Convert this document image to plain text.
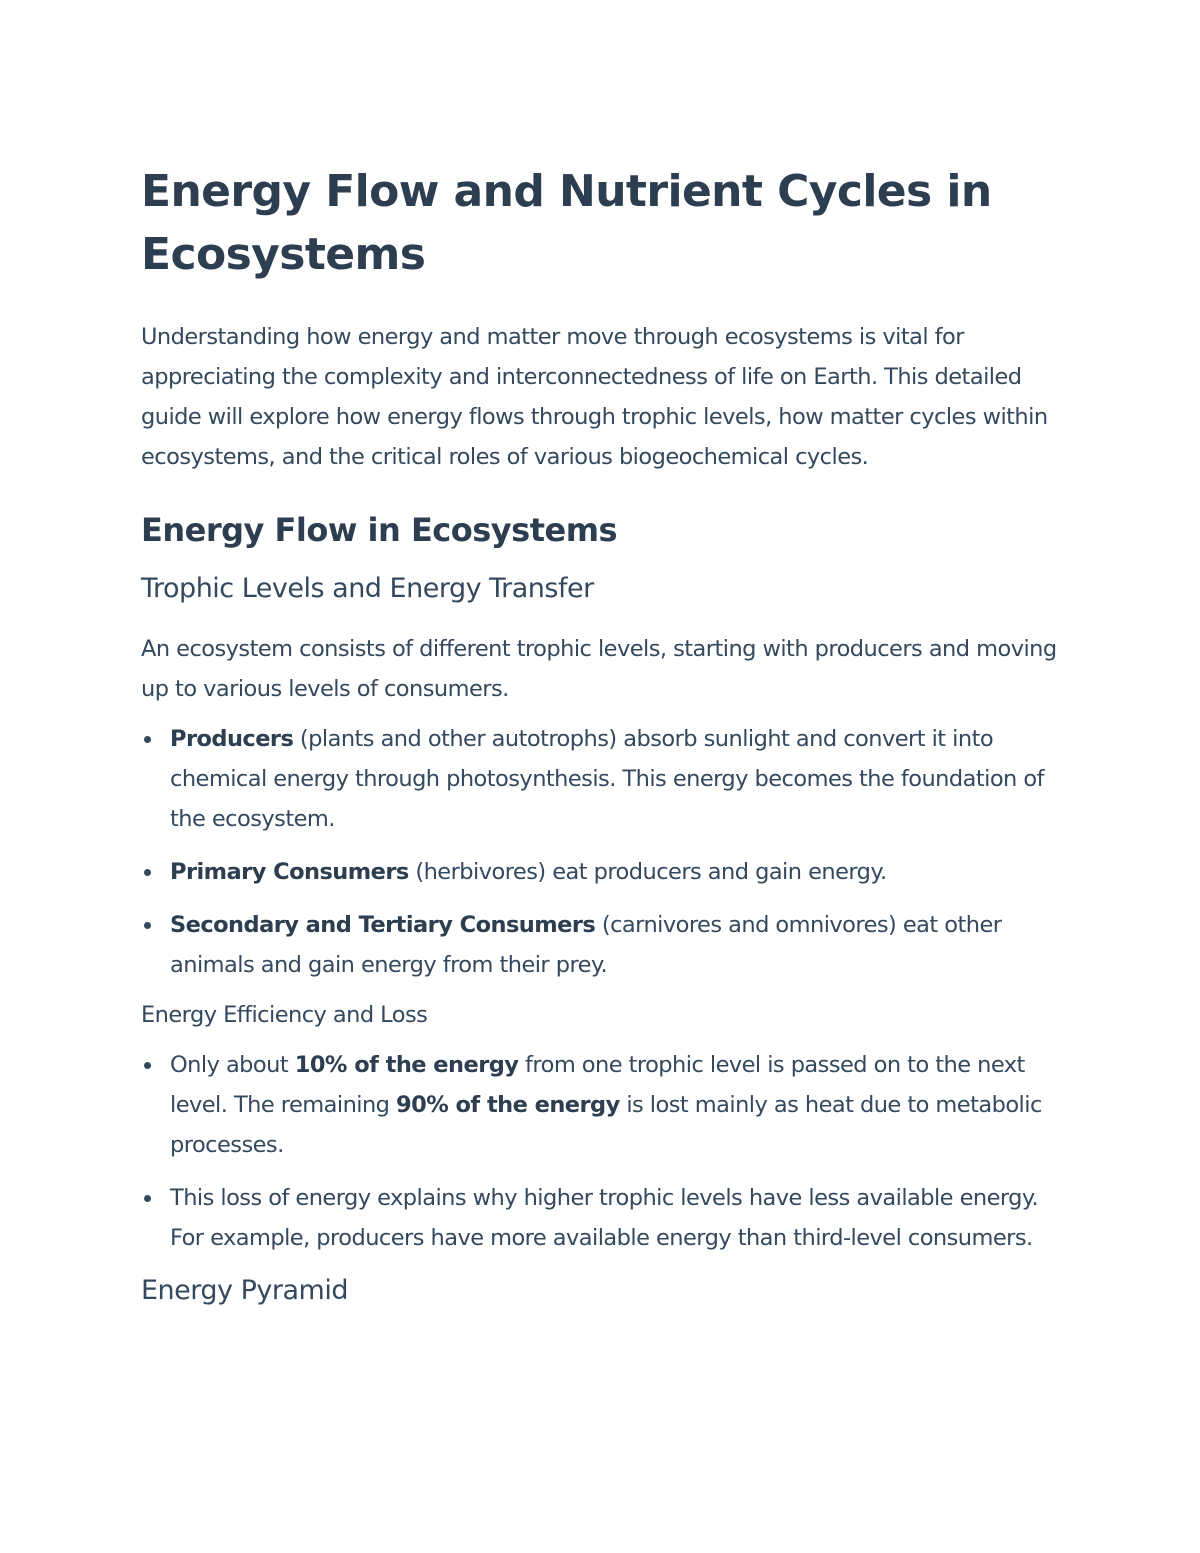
Energy Flow and Nutrient Cycles in Ecosystems

Understanding how energy and matter move through ecosystems is vital for appreciating the complexity and interconnectedness of life on Earth. This detailed guide will explore how energy flows through trophic levels, how matter cycles within ecosystems, and the critical roles of various biogeochemical cycles.

Energy Flow in Ecosystems
Trophic Levels and Energy Transfer

An ecosystem consists of different trophic levels, starting with producers and moving up to various levels of consumers.

Producers (plants and other autotrophs) absorb sunlight and convert it into chemical energy through photosynthesis. This energy becomes the foundation of the ecosystem.
Primary Consumers (herbivores) eat producers and gain energy.
Secondary and Tertiary Consumers (carnivores and omnivores) eat other animals and gain energy from their prey.
Energy Efficiency and Loss
Only about 10% of the energy from one trophic level is passed on to the next level. The remaining 90% of the energy is lost mainly as heat due to metabolic processes.
This loss of energy explains why higher trophic levels have less available energy. For example, producers have more available energy than third-level consumers.
Energy Pyramid
